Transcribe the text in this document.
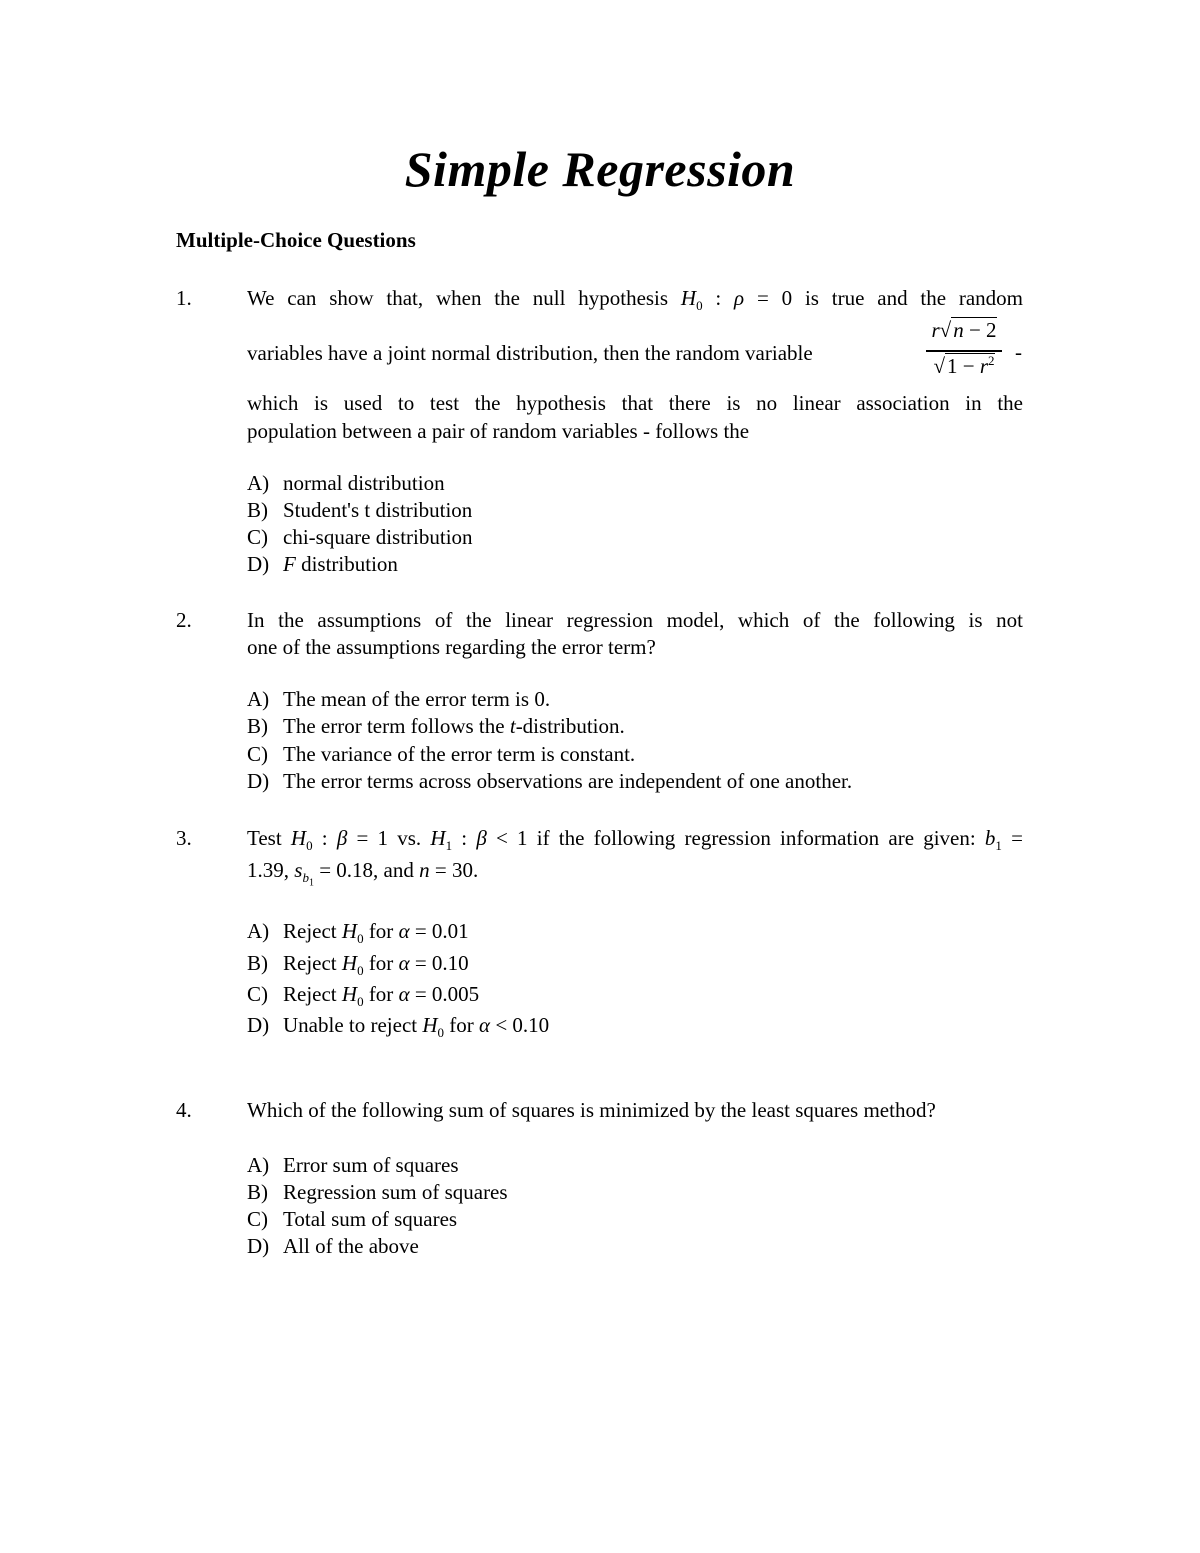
Simple Regression
Multiple-Choice Questions
1.	We can show that, when the null hypothesis $H_0$ : ρ = 0 is true and the random
variables have a joint normal distribution, then the random variable
r√n − 2
$√1 - r^2$ -
which is used to test the hypothesis that there is no linear association in the
population between a pair of random variables - follows the
A) normal distribution
B) Student's t distribution
C) chi-square distribution
D) F distribution
2.	In the assumptions of the linear regression model, which of the following is not
one of the assumptions regarding the error term?
A) The mean of the error term is 0.
B) The error term follows the t-distribution.
C) The variance of the error term is constant.
D) The error terms across observations are independent of one another.
3.	Test $H_0$ : β = 1 vs. $H_1$ : β < 1 if the following regression information are given: $b_1$ =
1.39, $s_{b_1} = 0.18$, and n = 30.
A) Reject $H_0$ for α = 0.01
B) Reject $H_0$ for α = 0.10
C) Reject $H_0$ for α = 0.005
D) Unable to reject $H_0$ for α < 0.10
4.	Which of the following sum of squares is minimized by the least squares method?
A) Error sum of squares
B) Regression sum of squares
C) Total sum of squares
D) All of the above
